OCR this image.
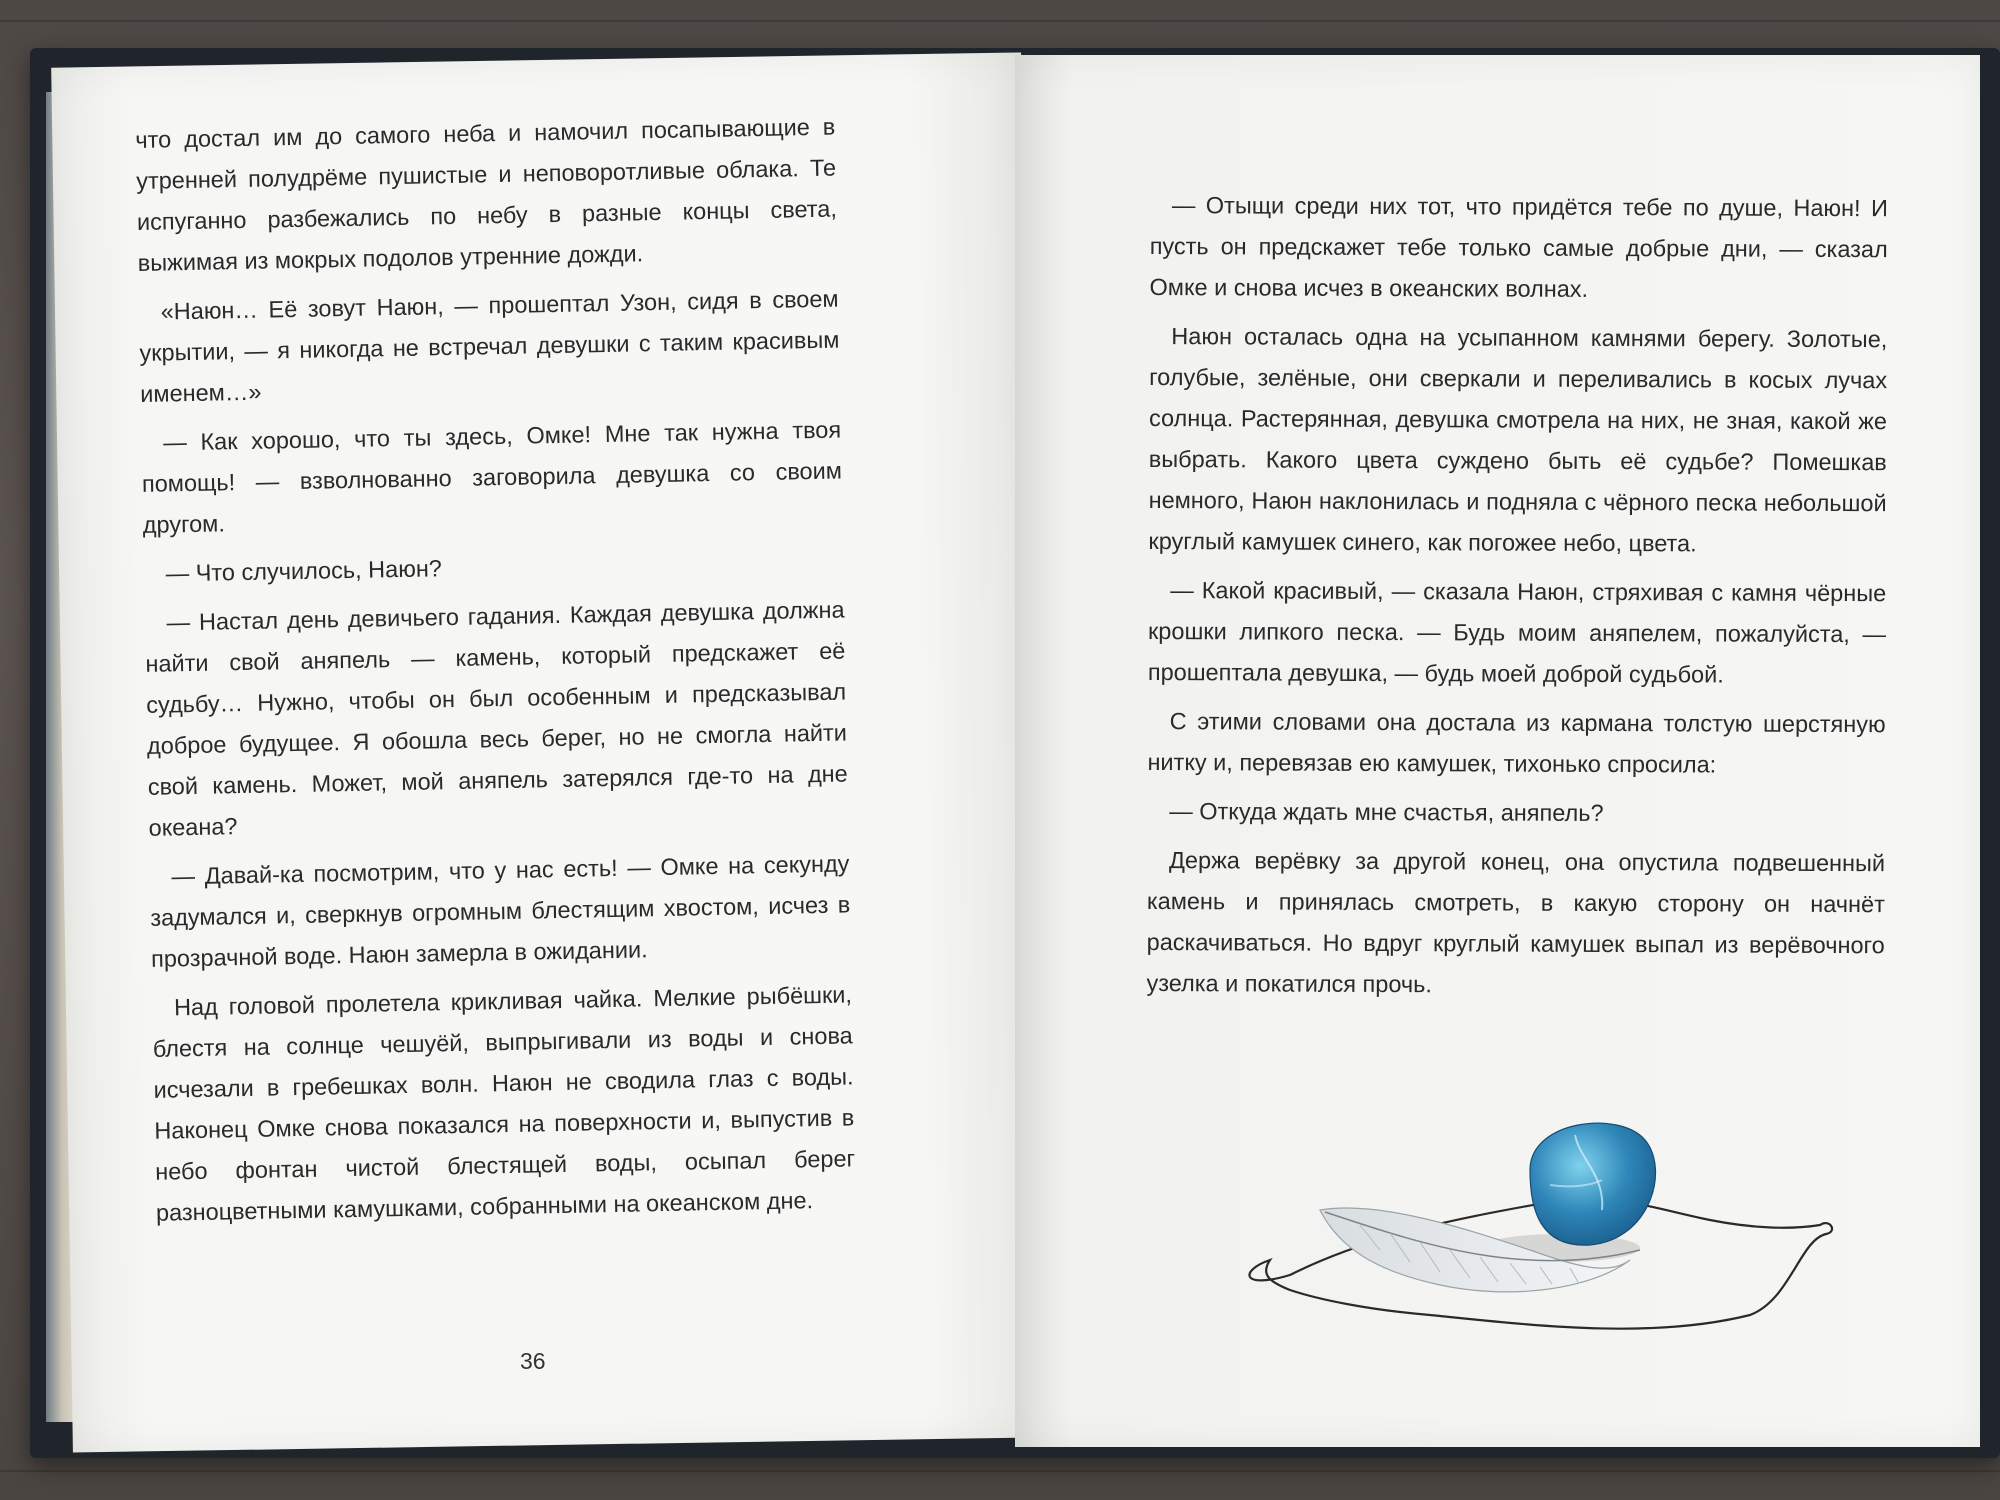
что достал им до самого неба и намочил посапывающие в утренней полудрёме пушистые и неповоротливые облака. Те испуганно разбежались по небу в разные концы света, выжимая из мокрых подолов утренние дожди.

«Наюн… Её зовут Наюн, — прошептал Узон, сидя в своем укрытии, — я никогда не встречал девушки с таким красивым именем…»

— Как хорошо, что ты здесь, Омке! Мне так нужна твоя помощь! — взволнованно заговорила девушка со своим другом.

— Что случилось, Наюн?

— Настал день девичьего гадания. Каждая девушка должна найти свой аняпель — камень, который предскажет её судьбу… Нужно, чтобы он был особенным и предсказывал доброе будущее. Я обошла весь берег, но не смогла найти свой камень. Может, мой аняпель затерялся где-то на дне океана?

— Давай-ка посмотрим, что у нас есть! — Омке на секунду задумался и, сверкнув огромным блестящим хвостом, исчез в прозрачной воде. Наюн замерла в ожидании.

Над головой пролетела крикливая чайка. Мелкие рыбёшки, блестя на солнце чешуёй, выпрыгивали из воды и снова исчезали в гребешках волн. Наюн не сводила глаз с воды. Наконец Омке снова показался на поверхности и, выпустив в небо фонтан чистой блестящей воды, осыпал берег разноцветными камушками, собранными на океанском дне.

36

— Отыщи среди них тот, что придётся тебе по душе, Наюн! И пусть он предскажет тебе только самые добрые дни, — сказал Омке и снова исчез в океанских волнах.

Наюн осталась одна на усыпанном камнями берегу. Золотые, голубые, зелёные, они сверкали и переливались в косых лучах солнца. Растерянная, девушка смотрела на них, не зная, какой же выбрать. Какого цвета суждено быть её судьбе? Помешкав немного, Наюн наклонилась и подняла с чёрного песка небольшой круглый камушек синего, как погожее небо, цвета.

— Какой красивый, — сказала Наюн, стряхивая с камня чёрные крошки липкого песка. — Будь моим аняпелем, пожалуйста, — прошептала девушка, — будь моей доброй судьбой.

С этими словами она достала из кармана толстую шерстяную нитку и, перевязав ею камушек, тихонько спросила:

— Откуда ждать мне счастья, аняпель?

Держа верёвку за другой конец, она опустила подвешенный камень и принялась смотреть, в какую сторону он начнёт раскачиваться. Но вдруг круглый камушек выпал из верёвочного узелка и покатился прочь.
